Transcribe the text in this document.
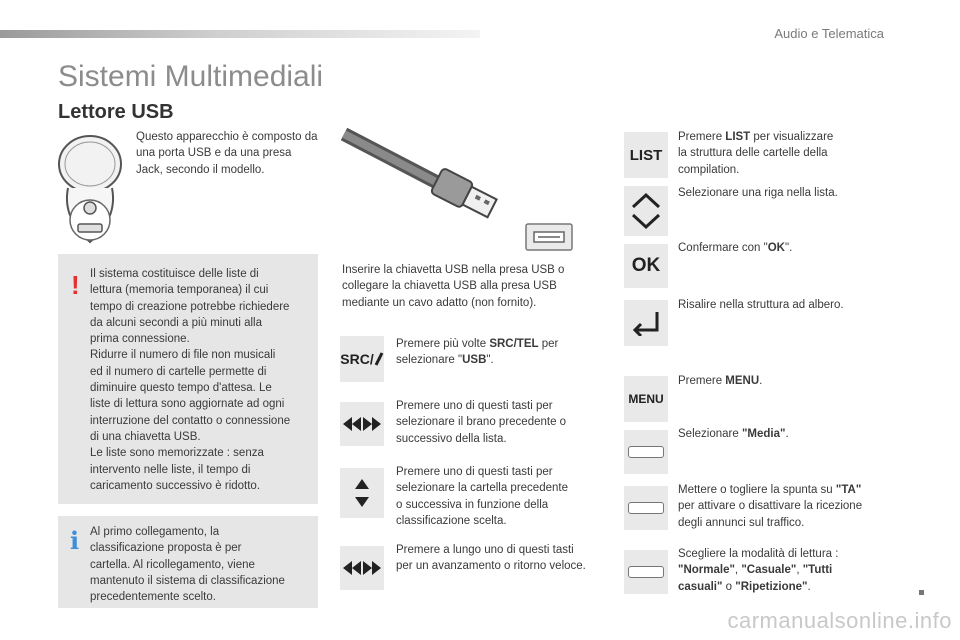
Audio e Telematica
Sistemi Multimediali
Lettore USB
Questo apparecchio è composto da una porta USB e da una presa Jack, secondo il modello.
! Il sistema costituisce delle liste di
lettura (memoria temporanea) il cui
tempo di creazione potrebbe richiedere
da alcuni secondi a più minuti alla
prima connessione.
Ridurre il numero di file non musicali
ed il numero di cartelle permette di
diminuire questo tempo d'attesa. Le
liste di lettura sono aggiornate ad ogni
interruzione del contatto o connessione
di una chiavetta USB.
Le liste sono memorizzate : senza
intervento nelle liste, il tempo di
caricamento successivo è ridotto.
i Al primo collegamento, la
classificazione proposta è per
cartella. Al ricollegamento, viene
mantenuto il sistema di classificazione
precedentemente scelto.
Inserire la chiavetta USB nella presa USB o
collegare la chiavetta USB alla presa USB
mediante un cavo adatto (non fornito).
SRC/
Premere più volte SRC/TEL per
selezionare "USB".
Premere uno di questi tasti per
selezionare il brano precedente o
successivo della lista.
Premere uno di questi tasti per
selezionare la cartella precedente
o successiva in funzione della
classificazione scelta.
Premere a lungo uno di questi tasti
per un avanzamento o ritorno veloce.
LIST
Premere LIST per visualizzare
la struttura delle cartelle della
compilation.
Selezionare una riga nella lista.
OK
Confermare con "OK".
Risalire nella struttura ad albero.
MENU
Premere MENU.
Selezionare "Media".
Mettere o togliere la spunta su "TA"
per attivare o disattivare la ricezione
degli annunci sul traffico.
Scegliere la modalità di lettura :
"Normale", "Casuale", "Tutti
casuali" o "Ripetizione".
carmanualsonline.info
